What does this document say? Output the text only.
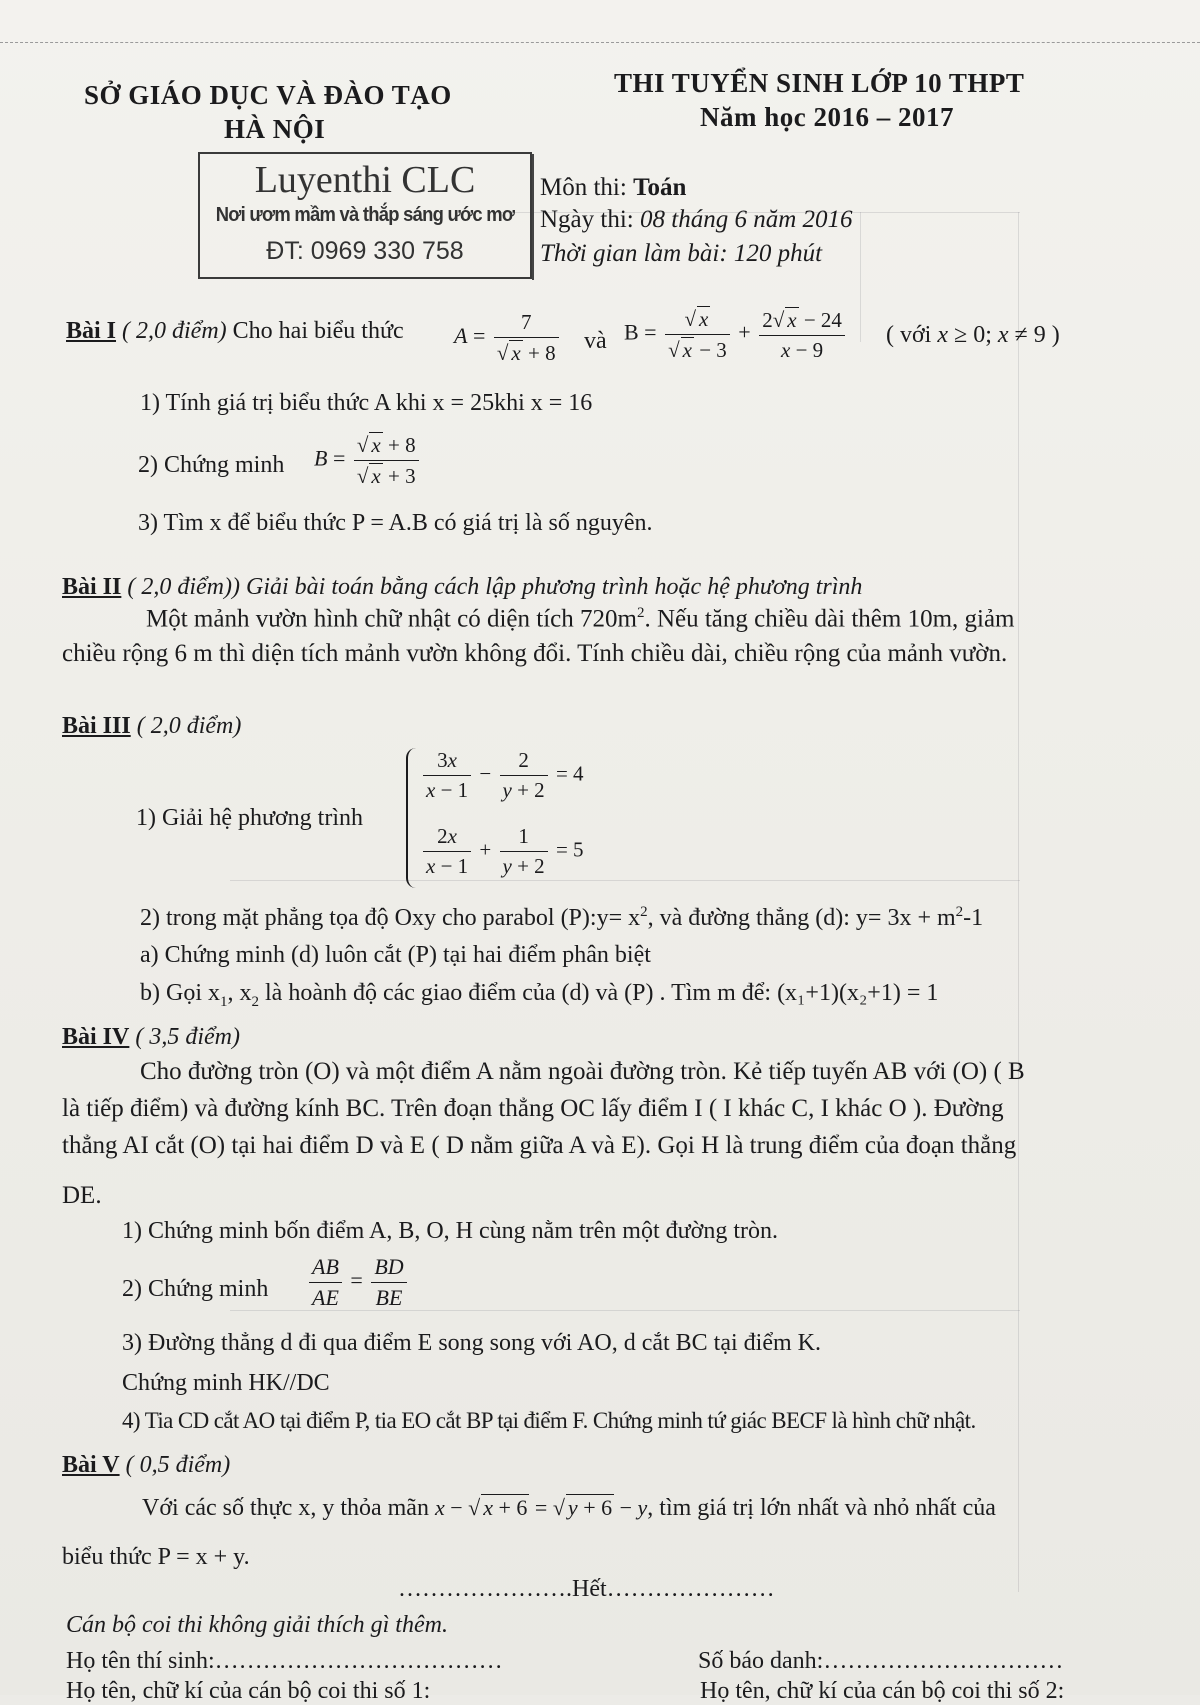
SỞ GIÁO DỤC VÀ ĐÀO TẠO
HÀ NỘI
THI TUYỂN SINH LỚP 10 THPT
Năm học 2016 – 2017
Luyenthi CLC
Nơi ươm mầm và thắp sáng ước mơ
ĐT: 0969 330 758
Môn thi: Toán
Ngày thi: 08 tháng 6 năm 2016
Thời gian làm bài: 120 phút
Bài I ( 2,0 điểm) Cho hai biểu thức $A = \frac{7}{√ x + 8}$ và $B = \frac{√ x}{√ x - 3} + \frac{2√ x - 24}{x - 9}$ ( với x ≥ 0; x ≠ 9 )
1) Tính giá trị biểu thức A khi x = 25khi x = 16
2) Chứng minh $B = \frac{√ x + 8}{√ x + 3}$
3) Tìm x để biểu thức P = A.B có giá trị là số nguyên.
Bài II ( 2,0 điểm)) Giải bài toán bằng cách lập phương trình hoặc hệ phương trình
Một mảnh vườn hình chữ nhật có diện tích $720m^2$. Nếu tăng chiều dài thêm 10m, giảm
chiều rộng 6 m thì diện tích mảnh vườn không đổi. Tính chiều dài, chiều rộng của mảnh vườn.
Bài III ( 2,0 điểm)
1) Giải hệ phương trình
$\frac{3x}{x - 1} - \frac{2}{y + 2} = 4$
$\frac{2x}{x - 1} + \frac{1}{y + 2} = 5$
2) trong mặt phẳng tọa độ Oxy cho parabol (P):y= $x^2$, và đường thẳng (d): $y= 3x + m^2-1$
a) Chứng minh (d) luôn cắt (P) tại hai điểm phân biệt
b) Gọi $x_1$, $x_2$ là hoành độ các giao điểm của (d) và (P) . Tìm m để: (x₁+1)(x₂+1) = 1
Bài IV ( 3,5 điểm)
Cho đường tròn (O) và một điểm A nằm ngoài đường tròn. Kẻ tiếp tuyến AB với (O) ( B
là tiếp điểm) và đường kính BC. Trên đoạn thẳng OC lấy điểm I ( I khác C, I khác O ). Đường
thẳng AI cắt (O) tại hai điểm D và E ( D nằm giữa A và E). Gọi H là trung điểm của đoạn thẳng
DE.
1) Chứng minh bốn điểm A, B, O, H cùng nằm trên một đường tròn.
2) Chứng minh $\frac{AB}{AE} = \frac{BD}{BE}$
3) Đường thẳng d đi qua điểm E song song với AO, d cắt BC tại điểm K.
Chứng minh HK//DC
4) Tia CD cắt AO tại điểm P, tia EO cắt BP tại điểm F. Chứng minh tứ giác BECF là hình chữ nhật.
Bài V ( 0,5 điểm)
Với các số thực x, y thỏa mãn x − √ x + 6 = √ y + 6 − y, tìm giá trị lớn nhất và nhỏ nhất của
biểu thức P = x + y.
………………….Hết…………………
Cán bộ coi thi không giải thích gì thêm.
Họ tên thí sinh:………………………………	Số báo danh:…………………………
Họ tên, chữ kí của cán bộ coi thi số 1:	Họ tên, chữ kí của cán bộ coi thi số 2:
